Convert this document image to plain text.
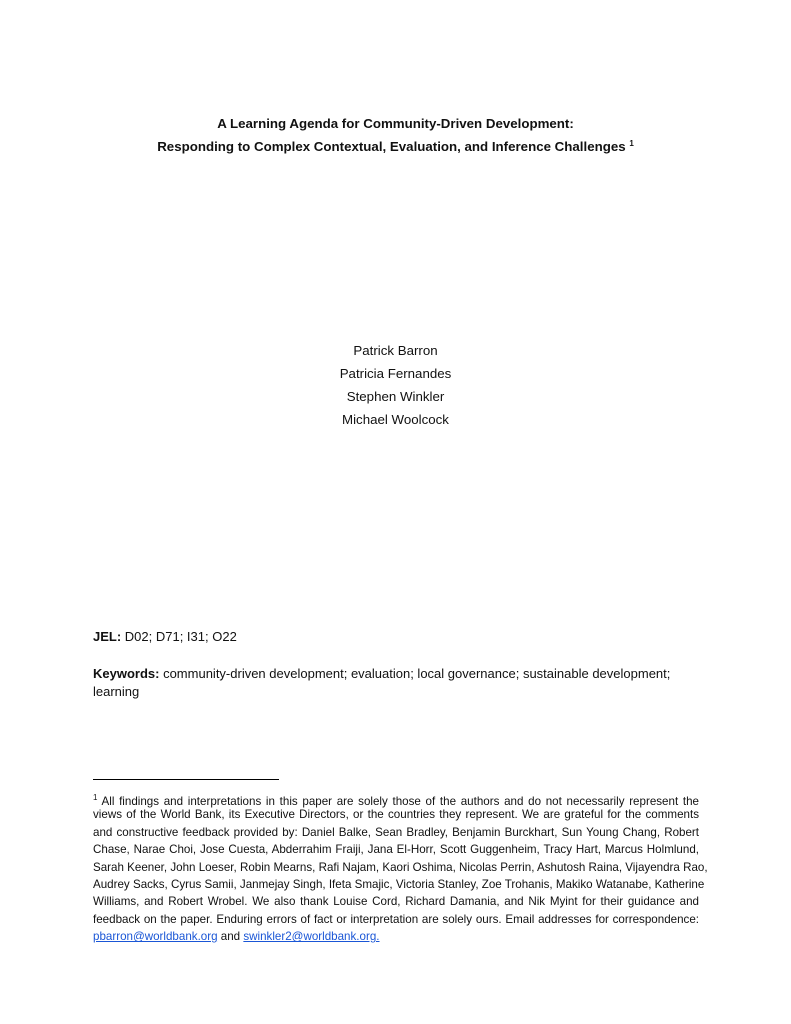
A Learning Agenda for Community-Driven Development:
Responding to Complex Contextual, Evaluation, and Inference Challenges $^1$
Patrick Barron
Patricia Fernandes
Stephen Winkler
Michael Woolcock
JEL: D02; D71; I31; O22
Keywords: community-driven development; evaluation; local governance; sustainable development; learning
$^1$ All findings and interpretations in this paper are solely those of the authors and do not necessarily represent the
views of the World Bank, its Executive Directors, or the countries they represent. We are grateful for the comments
and constructive feedback provided by: Daniel Balke, Sean Bradley, Benjamin Burckhart, Sun Young Chang, Robert
Chase, Narae Choi, Jose Cuesta, Abderrahim Fraiji, Jana El-Horr, Scott Guggenheim, Tracy Hart, Marcus Holmlund,
Sarah Keener, John Loeser, Robin Mearns, Rafi Najam, Kaori Oshima, Nicolas Perrin, Ashutosh Raina, Vijayendra Rao,
Audrey Sacks, Cyrus Samii, Janmejay Singh, Ifeta Smajic, Victoria Stanley, Zoe Trohanis, Makiko Watanabe, Katherine
Williams, and Robert Wrobel. We also thank Louise Cord, Richard Damania, and Nik Myint for their guidance and
feedback on the paper. Enduring errors of fact or interpretation are solely ours. Email addresses for correspondence:
pbarron@worldbank.org and swinkler2@worldbank.org.
